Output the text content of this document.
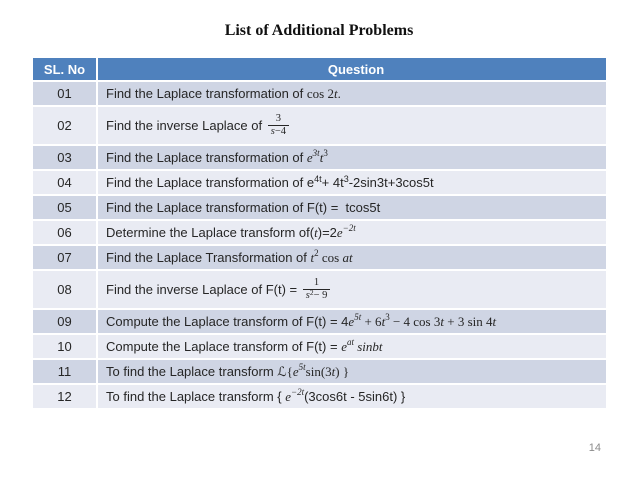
List of Additional Problems
SL. No	Question
01	Find the Laplace transformation of cos 2 t .
02	Find the inverse Laplace of $\frac{3}{s-4}$
03	Find the Laplace transformation of e 3t t 3
04	Find the Laplace transformation of e 4t + 4t 3 -2sin3t+3cos5t
05	Find the Laplace transformation of F(t) =  tcos5t
06	Determine the Laplace transform of( t )=2 e −2t
07	Find the Laplace Transformation of t 2 cos at
08	Find the inverse Laplace of $F(t) = \frac{1}{s^2- 9}$
09	Compute the Laplace transform of F(t) = 4 e 5t + 6 t 3 − 4 cos 3 t + 3 sin 4 t
10	Compute the Laplace transform of F(t) = e at sinbt
11	To find the Laplace transform ℒ{ e 5t sin(3 t ) }
12	To find the Laplace transform { e −2t (3cos6t - 5sin6t) }
14
